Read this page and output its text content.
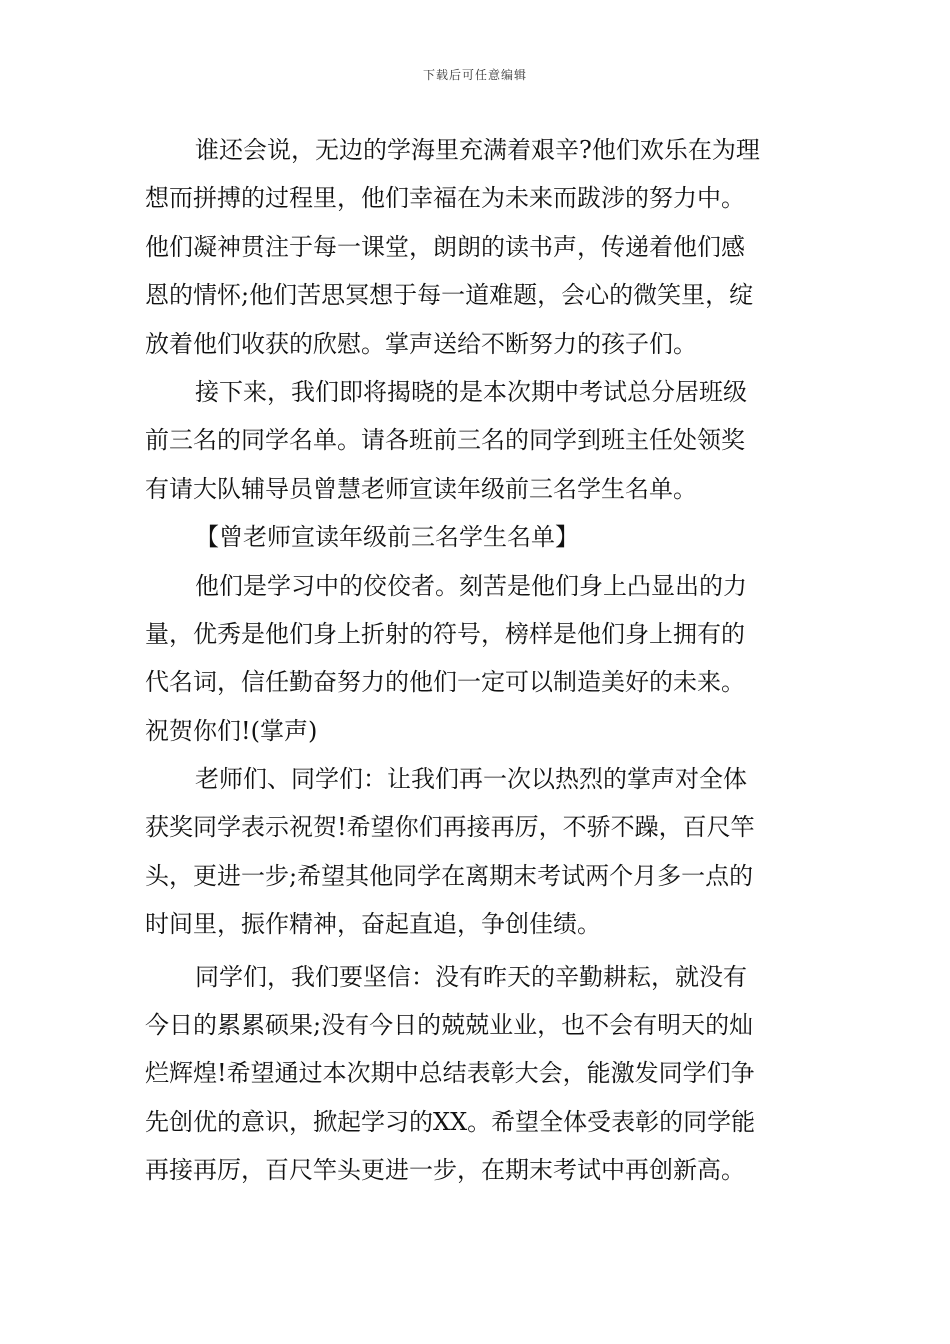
下载后可任意编辑
谁还会说，无边的学海里充满着艰辛?他们欢乐在为理
想而拼搏的过程里，他们幸福在为未来而跋涉的努力中。
他们凝神贯注于每一课堂，朗朗的读书声，传递着他们感
恩的情怀;他们苦思冥想于每一道难题，会心的微笑里，绽
放着他们收获的欣慰。掌声送给不断努力的孩子们。
接下来，我们即将揭晓的是本次期中考试总分居班级
前三名的同学名单。请各班前三名的同学到班主任处领奖
有请大队辅导员曾慧老师宣读年级前三名学生名单。
【曾老师宣读年级前三名学生名单】
他们是学习中的佼佼者。刻苦是他们身上凸显出的力
量，优秀是他们身上折射的符号，榜样是他们身上拥有的
代名词，信任勤奋努力的他们一定可以制造美好的未来。
祝贺你们!(掌声)
老师们、同学们：让我们再一次以热烈的掌声对全体
获奖同学表示祝贺!希望你们再接再厉，不骄不躁，百尺竿
头，更进一步;希望其他同学在离期末考试两个月多一点的
时间里，振作精神，奋起直追，争创佳绩。
同学们，我们要坚信：没有昨天的辛勤耕耘，就没有
今日的累累硕果;没有今日的兢兢业业，也不会有明天的灿
烂辉煌!希望通过本次期中总结表彰大会，能激发同学们争
先创优的意识，掀起学习的XX。希望全体受表彰的同学能
再接再厉，百尺竿头更进一步，在期末考试中再创新高。
